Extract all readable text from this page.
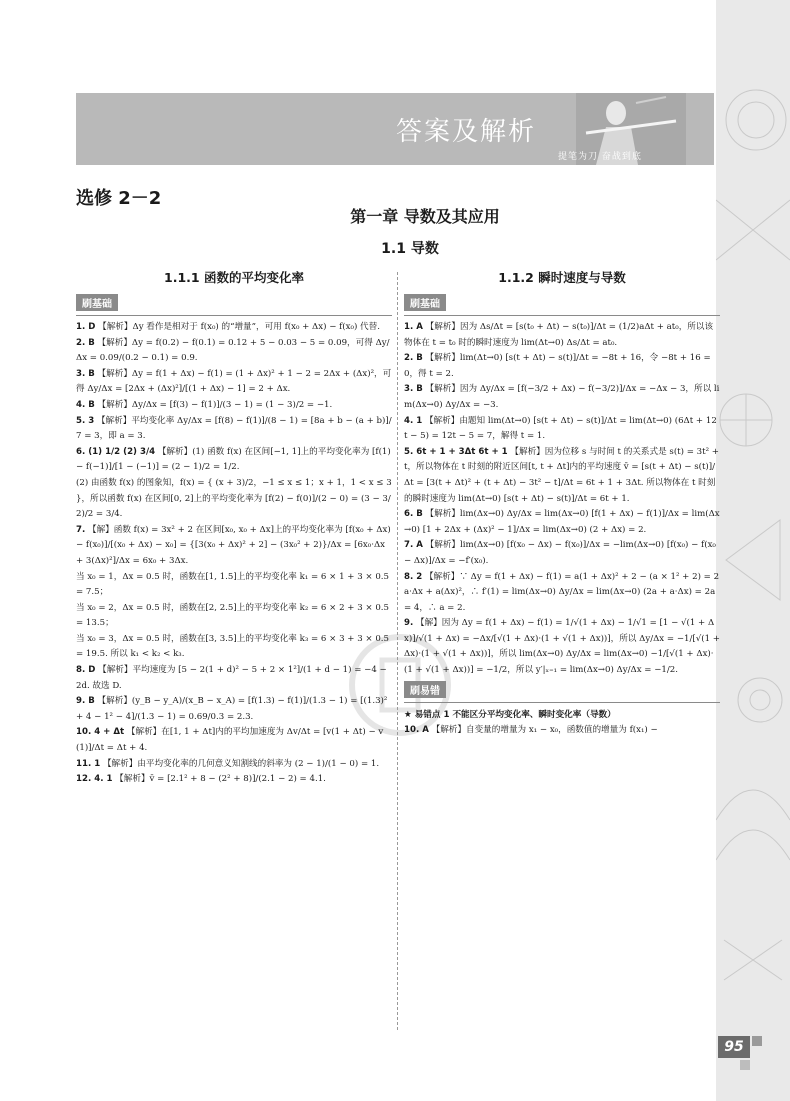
答案及解析
提笔为刀 奋战到底
选修 2－2
第一章 导数及其应用
1.1 导数
1.1.1 函数的平均变化率
刷基础

1. D 【解析】Δy 看作是相对于 f(x₀) 的“增量”，可用 f(x₀ + Δx) − f(x₀) 代替.

2. B 【解析】Δy = f(0.2) − f(0.1) = 0.12 + 5 − 0.03 − 5 = 0.09，可得 Δy/Δx = 0.09/(0.2 − 0.1) = 0.9.

3. B 【解析】Δy = f(1 + Δx) − f(1) = (1 + Δx)² + 1 − 2 = 2Δx + (Δx)²，可得 Δy/Δx = [2Δx + (Δx)²]/[(1 + Δx) − 1] = 2 + Δx.

4. B 【解析】Δy/Δx = [f(3) − f(1)]/(3 − 1) = (1 − 3)/2 = −1.

5. 3 【解析】平均变化率 Δy/Δx = [f(8) − f(1)]/(8 − 1) = [8a + b − (a + b)]/7 = 3，即 a = 3.

6. (1) 1/2 (2) 3/4 【解析】(1) 函数 f(x) 在区间[−1, 1]上的平均变化率为 [f(1) − f(−1)]/[1 − (−1)] = (2 − 1)/2 = 1/2.

(2) 由函数 f(x) 的图象知，f(x) = { (x + 3)/2，−1 ≤ x ≤ 1；x + 1，1 < x ≤ 3 }，所以函数 f(x) 在区间[0, 2]上的平均变化率为 [f(2) − f(0)]/(2 − 0) = (3 − 3/2)/2 = 3/4.

7. 【解】函数 f(x) = 3x² + 2 在区间[x₀, x₀ + Δx]上的平均变化率为 [f(x₀ + Δx) − f(x₀)]/[(x₀ + Δx) − x₀] = {[3(x₀ + Δx)² + 2] − (3x₀² + 2)}/Δx = [6x₀·Δx + 3(Δx)²]/Δx = 6x₀ + 3Δx.

当 x₀ = 1，Δx = 0.5 时，函数在[1, 1.5]上的平均变化率 k₁ = 6 × 1 + 3 × 0.5 = 7.5；

当 x₀ = 2，Δx = 0.5 时，函数在[2, 2.5]上的平均变化率 k₂ = 6 × 2 + 3 × 0.5 = 13.5；

当 x₀ = 3，Δx = 0.5 时，函数在[3, 3.5]上的平均变化率 k₃ = 6 × 3 + 3 × 0.5 = 19.5. 所以 k₁ < k₂ < k₃.

8. D 【解析】平均速度为 [5 − 2(1 + d)² − 5 + 2 × 1²]/(1 + d − 1) = −4 − 2d. 故选 D.

9. B 【解析】(y_B − y_A)/(x_B − x_A) = [f(1.3) − f(1)]/(1.3 − 1) = [(1.3)² + 4 − 1² − 4]/(1.3 − 1) = 0.69/0.3 = 2.3.

10. 4 + Δt 【解析】在[1, 1 + Δt]内的平均加速度为 Δv/Δt = [v(1 + Δt) − v(1)]/Δt = Δt + 4.

11. 1 【解析】由平均变化率的几何意义知割线的斜率为 (2 − 1)/(1 − 0) = 1.

12. 4. 1 【解析】v̄ = [2.1² + 8 − (2² + 8)]/(2.1 − 2) = 4.1.

1.1.2 瞬时速度与导数
刷基础

1. A 【解析】因为 Δs/Δt = [s(t₀ + Δt) − s(t₀)]/Δt = (1/2)aΔt + at₀，所以该物体在 t = t₀ 时的瞬时速度为 lim(Δt→0) Δs/Δt = at₀.

2. B 【解析】lim(Δt→0) [s(t + Δt) − s(t)]/Δt = −8t + 16，令 −8t + 16 = 0，得 t = 2.

3. B 【解析】因为 Δy/Δx = [f(−3/2 + Δx) − f(−3/2)]/Δx = −Δx − 3，所以 lim(Δx→0) Δy/Δx = −3.

4. 1 【解析】由题知 lim(Δt→0) [s(t + Δt) − s(t)]/Δt = lim(Δt→0) (6Δt + 12t − 5) = 12t − 5 = 7，解得 t = 1.

5. 6t + 1 + 3Δt 6t + 1 【解析】因为位移 s 与时间 t 的关系式是 s(t) = 3t² + t，所以物体在 t 时刻的附近区间[t, t + Δt]内的平均速度 v̄ = [s(t + Δt) − s(t)]/Δt = [3(t + Δt)² + (t + Δt) − 3t² − t]/Δt = 6t + 1 + 3Δt. 所以物体在 t 时刻的瞬时速度为 lim(Δt→0) [s(t + Δt) − s(t)]/Δt = 6t + 1.

6. B 【解析】lim(Δx→0) Δy/Δx = lim(Δx→0) [f(1 + Δx) − f(1)]/Δx = lim(Δx→0) [1 + 2Δx + (Δx)² − 1]/Δx = lim(Δx→0) (2 + Δx) = 2.

7. A 【解析】lim(Δx→0) [f(x₀ − Δx) − f(x₀)]/Δx = −lim(Δx→0) [f(x₀) − f(x₀ − Δx)]/Δx = −f′(x₀).

8. 2 【解析】∵ Δy = f(1 + Δx) − f(1) = a(1 + Δx)² + 2 − (a × 1² + 2) = 2a·Δx + a(Δx)²，∴ f′(1) = lim(Δx→0) Δy/Δx = lim(Δx→0) (2a + a·Δx) = 2a = 4，∴ a = 2.

9. 【解】因为 Δy = f(1 + Δx) − f(1) = 1/√(1 + Δx) − 1/√1 = [1 − √(1 + Δx)]/√(1 + Δx) = −Δx/[√(1 + Δx)·(1 + √(1 + Δx))]，所以 Δy/Δx = −1/[√(1 + Δx)·(1 + √(1 + Δx))]，所以 lim(Δx→0) Δy/Δx = lim(Δx→0) −1/[√(1 + Δx)·(1 + √(1 + Δx))] = −1/2，所以 y′|ₓ₌₁ = lim(Δx→0) Δy/Δx = −1/2.

刷易错
★ 易错点 1 不能区分平均变化率、瞬时变化率（导数）

10. A 【解析】自变量的增量为 x₁ − x₀，函数值的增量为 f(x₁) −

95
